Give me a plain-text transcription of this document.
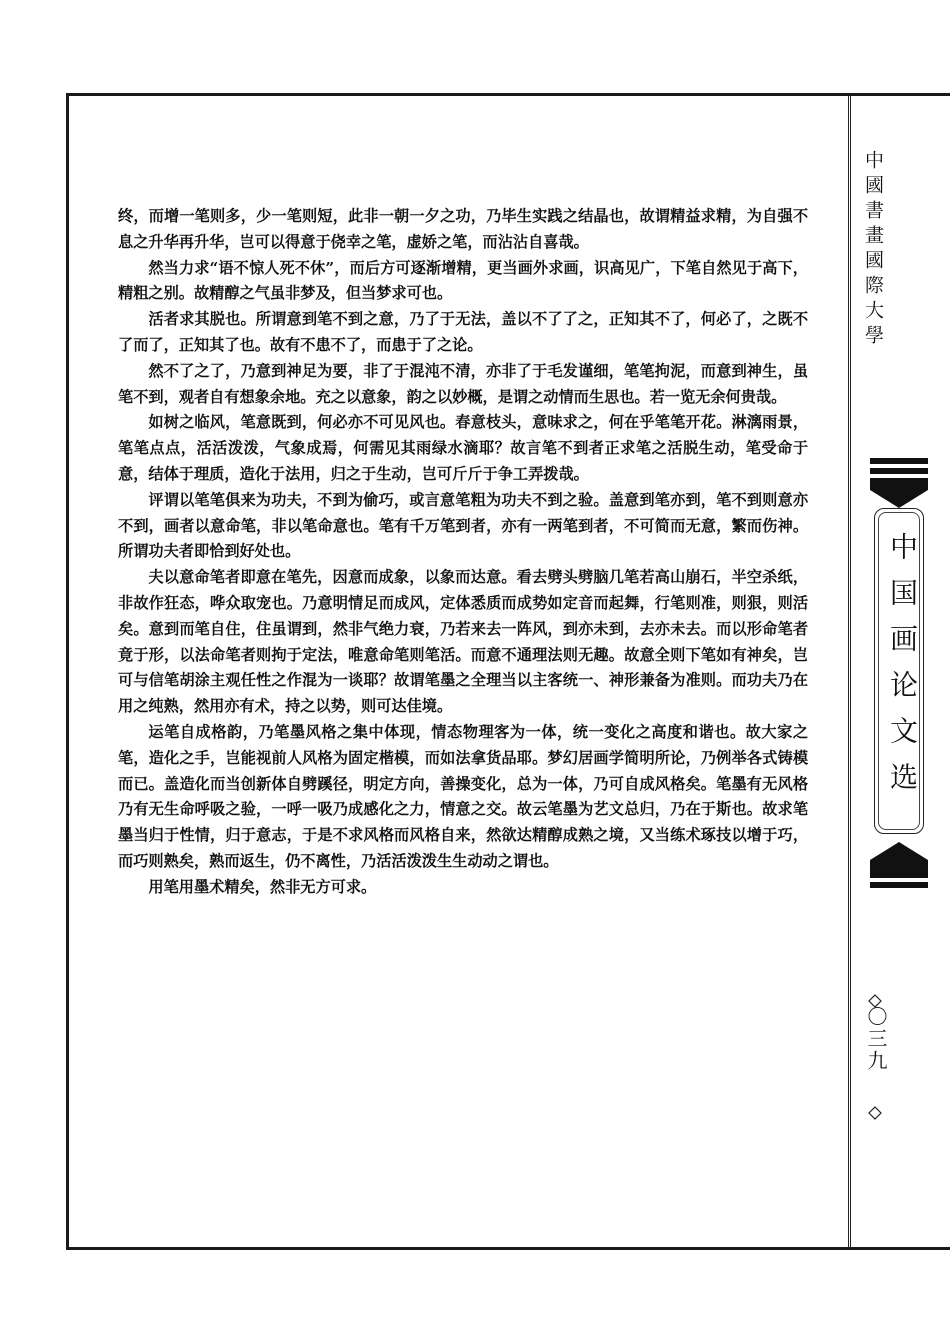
终，而增一笔则多，少一笔则短，此非一朝一夕之功，乃毕生实践之结晶也，故谓精益求精，为自强不息之升华再升华，岂可以得意于侥幸之笔，虚娇之笔，而沾沾自喜哉。

然当力求“语不惊人死不休”，而后方可逐渐增精，更当画外求画，识高见广，下笔自然见于高下，精粗之别。故精醇之气虽非梦及，但当梦求可也。

活者求其脱也。所谓意到笔不到之意，乃了于无法，盖以不了了之，正知其不了，何必了，之既不了而了，正知其了也。故有不患不了，而患于了之论。

然不了之了，乃意到神足为要，非了于混沌不清，亦非了于毛发谨细，笔笔拘泥，而意到神生，虽笔不到，观者自有想象余地。充之以意象，韵之以妙概，是谓之动情而生思也。若一览无余何贵哉。

如树之临风，笔意既到，何必亦不可见风也。春意枝头，意味求之，何在乎笔笔开花。淋漓雨景，笔笔点点，活活泼泼，气象成焉，何需见其雨绿水滴耶？故言笔不到者正求笔之活脱生动，笔受命于意，结体于理质，造化于法用，归之于生动，岂可斤斤于争工弄拨哉。

评谓以笔笔俱来为功夫，不到为偷巧，或言意笔粗为功夫不到之验。盖意到笔亦到，笔不到则意亦不到，画者以意命笔，非以笔命意也。笔有千万笔到者，亦有一两笔到者，不可简而无意，繁而伤神。所谓功夫者即恰到好处也。

夫以意命笔者即意在笔先，因意而成象，以象而达意。看去劈头劈脑几笔若高山崩石，半空杀纸，非故作狂态，哗众取宠也。乃意明情足而成风，定体悉质而成势如定音而起舞，行笔则准，则狠，则活矣。意到而笔自住，住虽谓到，然非气绝力衰，乃若来去一阵风，到亦未到，去亦未去。而以形命笔者竟于形，以法命笔者则拘于定法，唯意命笔则笔活。而意不通理法则无趣。故意全则下笔如有神矣，岂可与信笔胡涂主观任性之作混为一谈耶？故谓笔墨之全理当以主客统一、神形兼备为准则。而功夫乃在用之纯熟，然用亦有术，持之以势，则可达佳境。

运笔自成格韵，乃笔墨风格之集中体现，情态物理客为一体，统一变化之高度和谐也。故大家之笔，造化之手，岂能视前人风格为固定楷模，而如法拿货品耶。梦幻居画学简明所论，乃例举各式铸模而已。盖造化而当创新体自劈蹊径，明定方向，善操变化，总为一体，乃可自成风格矣。笔墨有无风格乃有无生命呼吸之验，一呼一吸乃成感化之力，情意之交。故云笔墨为艺文总归，乃在于斯也。故求笔墨当归于性情，归于意志，于是不求风格而风格自来，然欲达精醇成熟之境，又当练术琢技以增于巧，而巧则熟矣，熟而返生，仍不离性，乃活活泼泼生生动动之谓也。

用笔用墨术精矣，然非无方可求。

中國書畫國際大學
中国画论文选
〇三九
